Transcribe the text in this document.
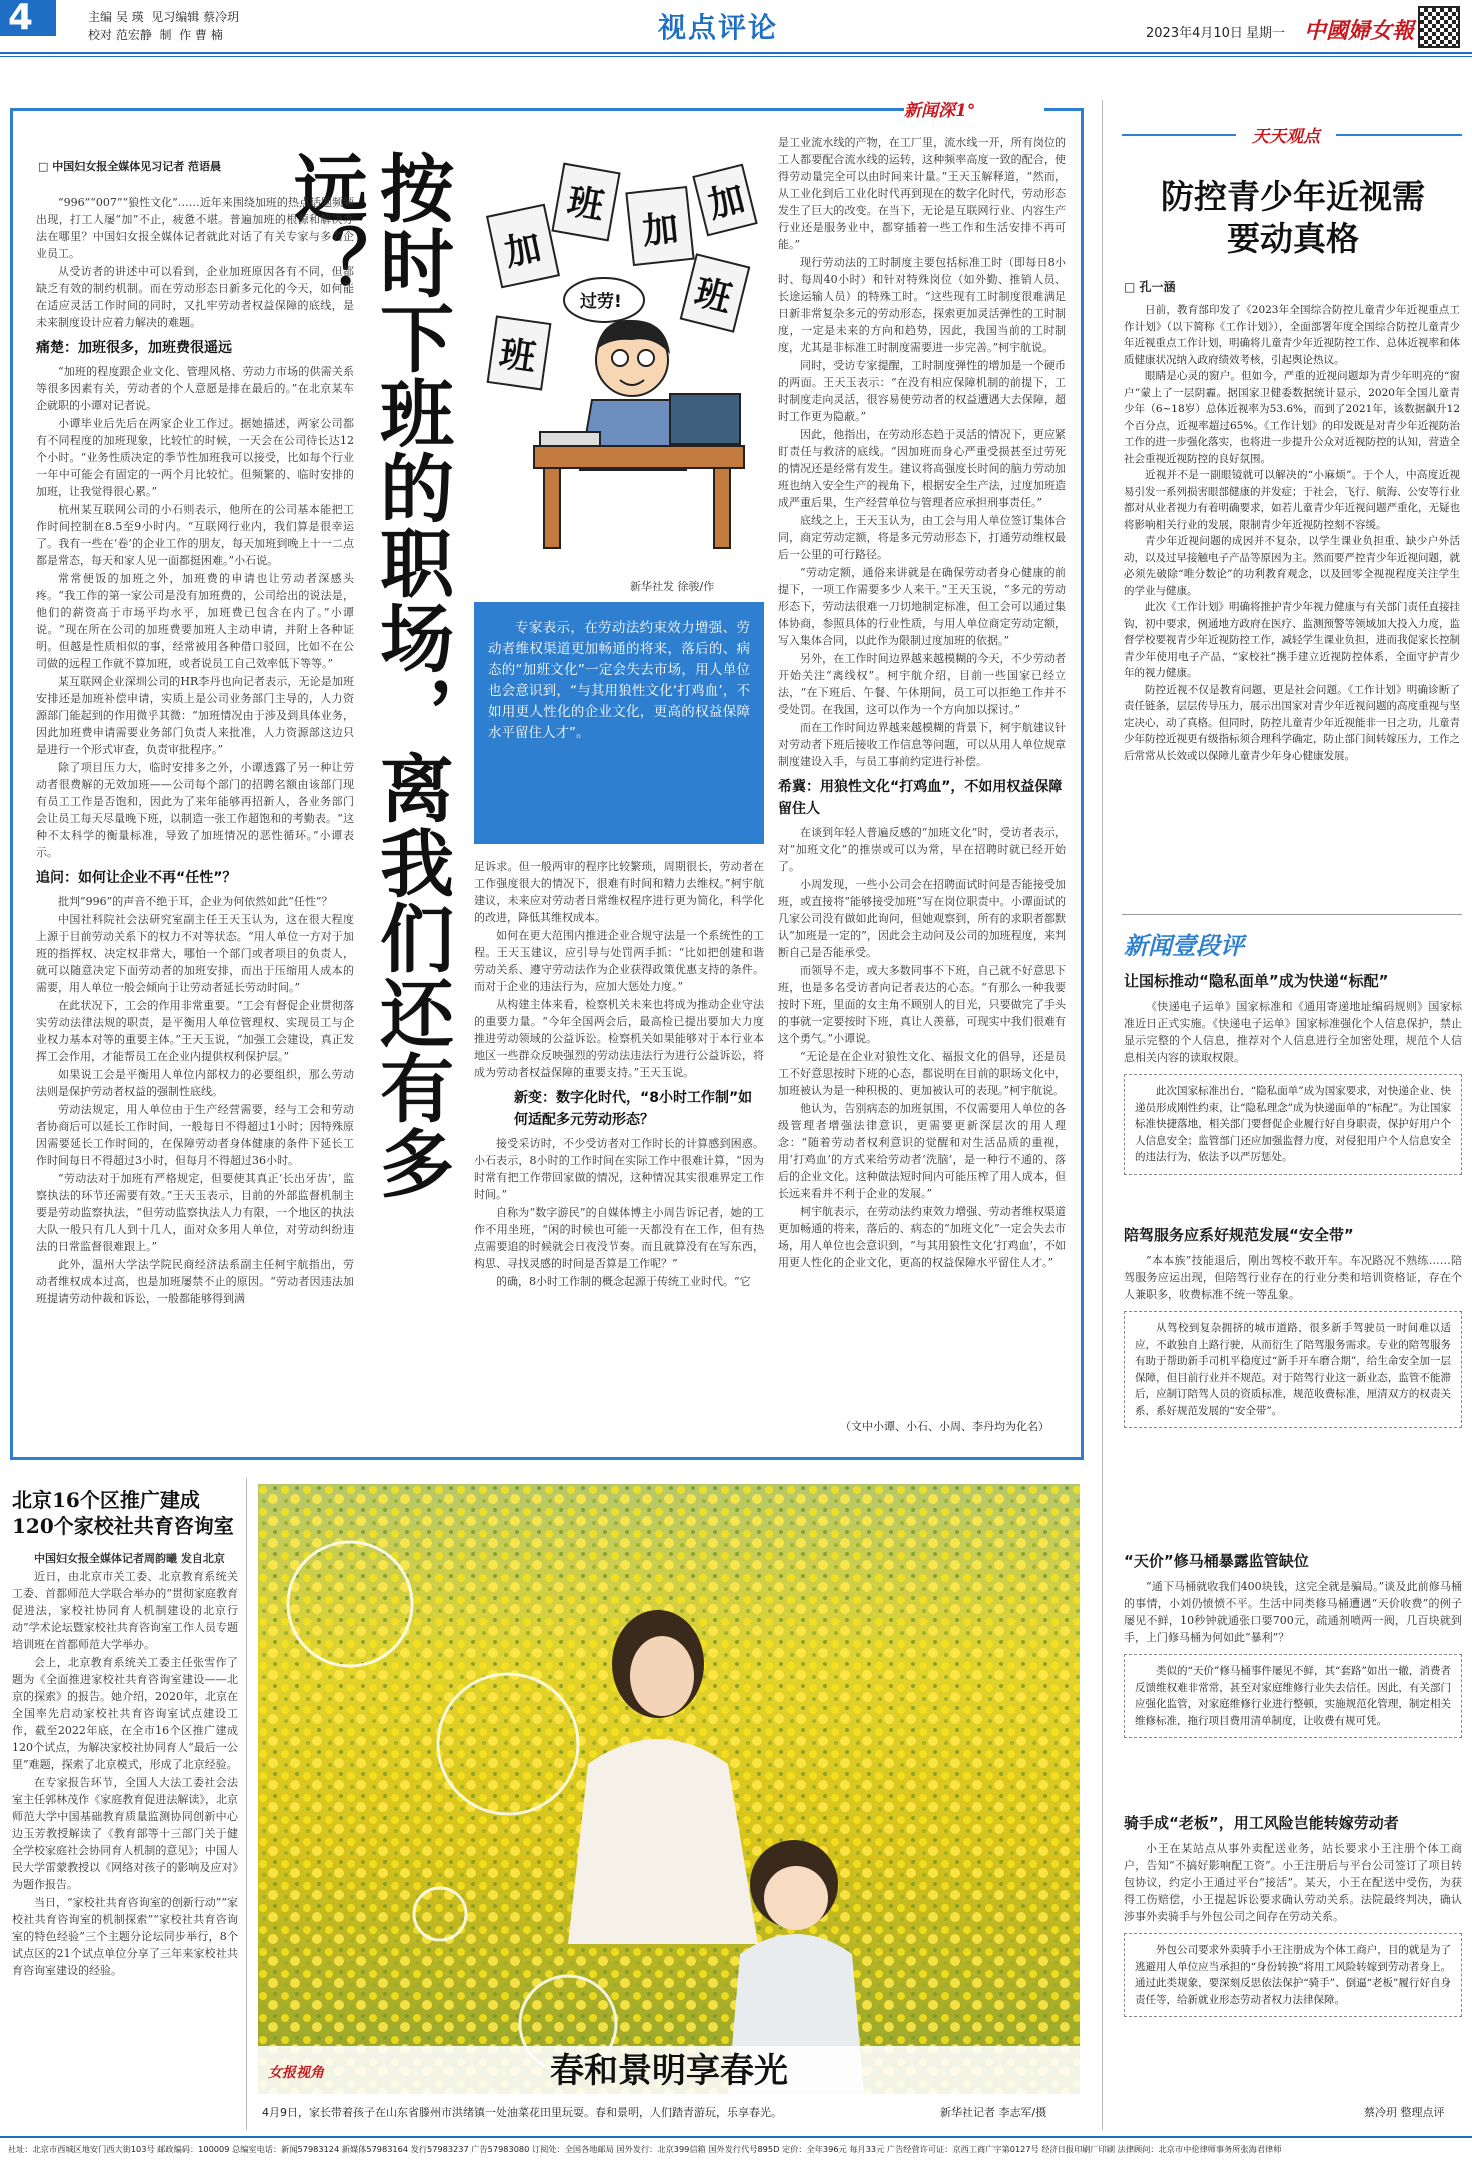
4	主编 吴 瑛  见习编辑 蔡冷玥
校对 范宏静  制  作 曹 楠	视点评论	2023年4月10日 星期一 中國婦女報
新闻深1°
□ 中国妇女报全媒体见习记者 范语晨 按时下班的职场，离我们还有多远？

“996”“007”“狼性文化”……近年来围绕加班的热点话题频频出现，打工人屡“加”不止，疲惫不堪。普遍加班的根源和解决办法在哪里？中国妇女报全媒体记者就此对话了有关专家与多名企业员工。

从受访者的讲述中可以看到，企业加班原因各有不同，但都缺乏有效的制约机制。而在劳动形态日新多元化的今天，如何能在适应灵活工作时间的同时，又扎牢劳动者权益保障的底线，是未来制度设计应着力解决的难题。

痛楚：加班很多，加班费很遥远

“加班的程度跟企业文化、管理风格、劳动力市场的供需关系等很多因素有关，劳动者的个人意愿是排在最后的。”在北京某车企就职的小谭对记者说。

小谭毕业后先后在两家企业工作过。据她描述，两家公司都有不同程度的加班现象，比较忙的时候，一天会在公司待长达12个小时。“业务性质决定的季节性加班我可以接受，比如每个行业一年中可能会有固定的一两个月比较忙。但频繁的、临时安排的加班，让我觉得很心累。”

杭州某互联网公司的小石则表示，他所在的公司基本能把工作时间控制在8.5至9小时内。“互联网行业内，我们算是很幸运了。我有一些在‘卷’的企业工作的朋友，每天加班到晚上十一二点都是常态，每天和家人见一面都挺困难。”小石说。

常常便饭的加班之外，加班费的申请也让劳动者深感头疼。“我工作的第一家公司是没有加班费的，公司给出的说法是，他们的薪资高于市场平均水平，加班费已包含在内了。”小谭说。“现在所在公司的加班费要加班人主动申请，并附上各种证明。但越是性质相似的事，经常被用各种借口驳回，比如不在公司做的远程工作就不算加班，或者说员工自己效率低下等等。”

某互联网企业深圳公司的HR李丹也向记者表示，无论是加班安排还是加班补偿申请，实质上是公司业务部门主导的，人力资源部门能起到的作用微乎其微：“加班情况由于涉及到具体业务，因此加班费申请需要业务部门负责人来批准，人力资源部这边只是进行一个形式审查，负责审批程序。”

除了项目压力大，临时安排多之外，小谭透露了另一种让劳动者很费解的无效加班——公司每个部门的招聘名额由该部门现有员工工作是否饱和，因此为了来年能够再招新人，各业务部门会让员工每天尽量晚下班，以制造一张工作超饱和的考勤表。“这种不太科学的衡量标准，导致了加班情况的恶性循环。”小谭表示。

追问：如何让企业不再“任性”？

批判“996”的声音不绝于耳，企业为何依然如此“任性”？

中国社科院社会法研究室副主任王天玉认为，这在很大程度上源于目前劳动关系下的权力不对等状态。“用人单位一方对于加班的指挥权、决定权非常大，哪怕一个部门或者项目的负责人，就可以随意决定下面劳动者的加班安排，而出于压缩用人成本的需要，用人单位一般会倾向于让劳动者延长劳动时间。”

在此状况下，工会的作用非常重要。“工会有督促企业贯彻落实劳动法律法规的职责，是平衡用人单位管理权、实现员工与企业权力基本对等的重要主体。”王天玉说，“加强工会建设，真正发挥工会作用，才能帮员工在企业内提供权利保护层。”

如果说工会是平衡用人单位内部权力的必要组织，那么劳动法则是保护劳动者权益的强制性底线。

劳动法规定，用人单位由于生产经营需要，经与工会和劳动者协商后可以延长工作时间，一般每日不得超过1小时；因特殊原因需要延长工作时间的，在保障劳动者身体健康的条件下延长工作时间每日不得超过3小时，但每月不得超过36小时。

“劳动法对于加班有严格规定，但要使其真正‘长出牙齿’，监察执法的环节还需要有效。”王天玉表示，目前的外部监督机制主要是劳动监察执法，“但劳动监察执法人力有限，一个地区的执法大队一般只有几人到十几人，面对众多用人单位，对劳动纠纷违法的日常监督很难跟上。”

此外，温州大学法学院民商经济法系副主任柯宇航指出，劳动者维权成本过高，也是加班屡禁不止的原因。“劳动者因违法加班提请劳动仲裁和诉讼，一般都能够得到满

加
班
加
班
班
加
过劳!
新华社发 徐骏/作

专家表示，在劳动法约束效力增强、劳动者维权渠道更加畅通的将来，落后的、病态的“加班文化”一定会失去市场，用人单位也会意识到，“与其用狼性文化‘打鸡血’，不如用更人性化的企业文化，更高的权益保障水平留住人才”。

足诉求。但一般两审的程序比较繁琐，周期很长，劳动者在工作强度很大的情况下，很难有时间和精力去维权。”柯宇航建议，未来应对劳动者日常维权程序进行更为简化，科学化的改进，降低其维权成本。

如何在更大范围内推进企业合规守法是一个系统性的工程。王天玉建议，应引导与处罚两手抓：“比如把创建和谐劳动关系、遵守劳动法作为企业获得政策优惠支持的条件。而对于企业的违法行为，应加大惩处力度。”

从构建主体来看，检察机关未来也将成为推动企业守法的重要力量。“今年全国两会后，最高检已提出要加大力度推进劳动领域的公益诉讼。检察机关如果能够对于本行业本地区一些群众反映强烈的劳动法违法行为进行公益诉讼，将成为劳动者权益保障的重要支持。”王天玉说。

新变：数字化时代，“8小时工作制”如何适配多元劳动形态？

接受采访时，不少受访者对工作时长的计算感到困惑。小石表示，8小时的工作时间在实际工作中很难计算，“因为时常有把工作带回家做的情况，这种情况其实很难界定工作时间。”

自称为“数字游民”的自媒体博主小周告诉记者，她的工作不用坐班，“闲的时候也可能一天都没有在工作，但有热点需要追的时候就会日夜没节奏。而且就算没有在写东西，构思、寻找灵感的时间是否算是工作呢？”

的确，8小时工作制的概念起源于传统工业时代。“它

是工业流水线的产物，在工厂里，流水线一开，所有岗位的工人都要配合流水线的运转，这种频率高度一致的配合，使得劳动量完全可以由时间来计量。”王天玉解释道，“然而，从工业化到后工业化时代再到现在的数字化时代，劳动形态发生了巨大的改变。在当下，无论是互联网行业、内容生产行业还是服务业中，都穿插着一些工作和生活安排不再可能。”

现行劳动法的工时制度主要包括标准工时（即每日8小时、每周40小时）和针对特殊岗位（如外勤、推销人员、长途运输人员）的特殊工时。“这些现有工时制度很难满足日新非常复杂多元的劳动形态，探索更加灵活弹性的工时制度，一定是未来的方向和趋势，因此，我国当前的工时制度，尤其是非标准工时制度需要进一步完善。”柯宇航说。

同时，受访专家提醒，工时制度弹性的增加是一个硬币的两面。王天玉表示：“在没有相应保障机制的前提下，工时制度走向灵活，很容易使劳动者的权益遭遇大去保障，超时工作更为隐蔽。”

因此，他指出，在劳动形态趋于灵活的情况下，更应紧盯责任与救济的底线。“因加班而身心严重受损甚至过劳死的情况还是经常有发生。建议将高强度长时间的脑力劳动加班也纳入安全生产的视角下，根据安全生产法，过度加班造成严重后果，生产经营单位与管理者应承担刑事责任。”

底线之上，王天玉认为，由工会与用人单位签订集体合同，商定劳动定额，将是多元劳动形态下，打通劳动维权最后一公里的可行路径。

“劳动定额，通俗来讲就是在确保劳动者身心健康的前提下，一项工作需要多少人来干。”王天玉说，“多元的劳动形态下，劳动法很难一刀切地制定标准，但工会可以通过集体协商，参照具体的行业性质，与用人单位商定劳动定额，写入集体合同，以此作为限制过度加班的依据。”

另外，在工作时间边界越来越模糊的今天，不少劳动者开始关注“离线权”。柯宇航介绍，目前一些国家已经立法，“在下班后、午餐、午休期间，员工可以拒绝工作并不受处罚。在我国，这可以作为一个方向加以探讨。”

而在工作时间边界越来越模糊的背景下，柯宇航建议针对劳动者下班后接收工作信息等问题，可以从用人单位规章制度建设入手，与员工事前约定进行补偿。

希冀：用狼性文化“打鸡血”，不如用权益保障留住人

在谈到年轻人普遍反感的“加班文化”时，受访者表示，对“加班文化”的推崇或可以为常，早在招聘时就已经开始了。

小周发现，一些小公司会在招聘面试时问是否能接受加班，或直接将“能够接受加班”写在岗位职责中。小谭面试的几家公司没有做如此询问，但她观察到，所有的求职者都默认“加班是一定的”，因此会主动问及公司的加班程度，来判断自己是否能承受。

而领导不走，或大多数同事不下班，自己就不好意思下班，也是多名受访者向记者表达的心态。“有那么一种我要按时下班，里面的女主角不顾别人的目光，只要做完了手头的事就一定要按时下班，真让人羡慕，可现实中我们很难有这个勇气。”小谭说。

“无论是在企业对狼性文化、福报文化的倡导，还是员工不好意思按时下班的心态，都说明在目前的职场文化中，加班被认为是一种积极的、更加被认可的表现。”柯宇航说。

他认为，告别病态的加班氛围，不仅需要用人单位的各级管理者增强法律意识，更需要更新深层次的用人理念：“随着劳动者权利意识的觉醒和对生活品质的重视，用‘打鸡血’的方式来给劳动者‘洗脑’，是一种行不通的、落后的企业文化。这种做法短时间内可能压榨了用人成本，但长远来看并不利于企业的发展。”

柯宇航表示，在劳动法约束效力增强、劳动者维权渠道更加畅通的将来，落后的、病态的“加班文化”一定会失去市场，用人单位也会意识到，“与其用狼性文化‘打鸡血’，不如用更人性化的企业文化，更高的权益保障水平留住人才。”

（文中小谭、小石、小周、李丹均为化名）
天天观点
防控青少年近视需要动真格
□ 孔一涵

日前，教育部印发了《2023年全国综合防控儿童青少年近视重点工作计划》（以下简称《工作计划》），全面部署年度全国综合防控儿童青少年近视重点工作计划，明确将儿童青少年近视防控工作、总体近视率和体质健康状况纳入政府绩效考核，引起舆论热议。

眼睛是心灵的窗户。但如今，严重的近视问题却为青少年明亮的“窗户”蒙上了一层阴霾。据国家卫健委数据统计显示，2020年全国儿童青少年（6~18岁）总体近视率为53.6%，而到了2021年，该数据飙升12个百分点，近视率超过65%。《工作计划》的印发既是对青少年近视防治工作的进一步强化落实，也将进一步提升公众对近视防控的认知，营造全社会重视近视防控的良好氛围。

近视并不是一副眼镜就可以解决的“小麻烦”。于个人，中高度近视易引发一系列损害眼部健康的并发症；于社会，飞行、航海、公安等行业都对从业者视力有着明确要求，如若儿童青少年近视问题严重化，无疑也将影响相关行业的发展，限制青少年近视防控刻不容缓。

青少年近视问题的成因并不复杂，以学生课业负担重、缺少户外活动，以及过早接触电子产品等原因为主。然而要严控青少年近视问题，就必须先破除“唯分数论”的功利教育观念，以及回零全视视程度关注学生的学业与健康。

此次《工作计划》明确将推护青少年视力健康与有关部门责任直接挂钩，初中要求，例通地方政府在医疗、监测预警等领域加大投入力度，监督学校要视青少年近视防控工作，减轻学生课业负担，进而我促家长控制青少年使用电子产品，“家校社”携手建立近视防控体系，全面守护青少年的视力健康。

防控近视不仅是教育问题，更是社会问题。《工作计划》明确诊断了责任链条，层层传导压力，展示出国家对青少年近视问题的高度重视与坚定决心，动了真格。但同时，防控儿童青少年近视能非一日之功，儿童青少年防控近视更有级指标须合理科学确定，防止部门间转嫁压力，工作之后常常从长效或以保障儿童青少年身心健康发展。

新闻壹段评
让国标推动“隐私面单”成为快递“标配”

《快递电子运单》国家标准和《通用寄递地址编码规则》国家标准近日正式实施。《快递电子运单》国家标准强化个人信息保护，禁止显示完整的个人信息，推荐对个人信息进行全加密处理，规范个人信息相关内容的读取权限。

此次国家标准出台，“隐私面单”成为国家要求，对快递企业、快递员形成刚性约束，让“隐私理念”成为快递面单的“标配”。为让国家标准快捷落地，相关部门要督促企业履行好自身职责，保护好用户个人信息安全；监管部门还应加强监督力度，对侵犯用户个人信息安全的违法行为，依法予以严厉惩处。

陪驾服务应系好规范发展“安全带”

“本本族”技能退后，刚出驾校不敢开车。车况路况不熟练……陪驾服务应运出现，但陪驾行业存在的行业分类和培训资格证，存在个人兼职多，收费标准不统一等乱象。

从驾校到复杂拥挤的城市道路，很多新手驾驶员一时间难以适应，不敢独自上路行驶，从而衍生了陪驾服务需求。专业的陪驾服务有助于帮助新手司机平稳度过“新手开车磨合期”，给生命安全加一层保障，但目前行业并不规范。对于陪驾行业这一新业态，监管不能滞后，应制订陪驾人员的资质标准，规范收费标准，厘清双方的权责关系，系好规范发展的“安全带”。

“天价”修马桶暴露监管缺位

“通下马桶就收我们400块钱，这完全就是骗局。”谈及此前修马桶的事情，小刘仍愤愤不平。生活中同类修马桶遭遇“天价收费”的例子屡见不鲜，10秒钟就通张口要700元，疏通剂喷两一阀，几百块就到手，上门修马桶为何如此“暴利”？

类似的“天价”修马桶事件屡见不鲜，其“套路”如出一辙，消费者反馈维权难非常常，甚至对家庭维修行业失去信任。因此，有关部门应强化监管，对家庭维修行业进行整顿，实施规范化管理，制定相关维修标准，拖行项目费用清单制度，让收费有规可凭。

骑手成“老板”，用工风险岂能转嫁劳动者

小王在某站点从事外卖配送业务，站长要求小王注册个体工商户，告知“不搞好影响配工资”。小王注册后与平台公司签订了项目转包协议，约定小王通过平台“接活”。某天，小王在配送中受伤，为获得工伤赔偿，小王提起诉讼要求确认劳动关系。法院最终判决，确认涉事外卖骑手与外包公司之间存在劳动关系。

外包公司要求外卖骑手小王注册成为个体工商户，目的就是为了逃避用人单位应当承担的“身份转换”将用工风险转嫁到劳动者身上。通过此类规象，要深刻反思依法保护“骑手”、倒逼“老板”履行好自身责任等，给新就业形态劳动者权力法律保障。

蔡冷玥 整理点评
北京16个区推广建成
120个家校社共育咨询室

中国妇女报全媒体记者周韵曦 发自北京

近日，由北京市关工委、北京教育系统关工委、首都师范大学联合举办的“贯彻家庭教育促进法，家校社协同育人机制建设的北京行动”学术论坛暨家校社共育咨询室工作人员专题培训班在首都师范大学举办。

会上，北京教育系统关工委主任张雪作了题为《全面推进家校社共育咨询室建设——北京的探索》的报告。她介绍，2020年，北京在全国率先启动家校社共育咨询室试点建设工作，截至2022年底，在全市16个区推广建成120个试点，为解决家校社协同育人“最后一公里”难题，探索了北京模式，形成了北京经验。

在专家报告环节，全国人大法工委社会法室主任郭林茂作《家庭教育促进法解读》，北京师范大学中国基础教育质量监测协同创新中心边玉芳教授解读了《教育部等十三部门关于健全学校家庭社会协同育人机制的意见》；中国人民大学雷蒙教授以《网络对孩子的影响及应对》为题作报告。

当日，“家校社共育咨询室的创新行动”“家校社共育咨询室的机制探索”“家校社共育咨询室的特色经验”三个主题分论坛同步举行，8个试点区的21个试点单位分享了三年来家校社共育咨询室建设的经验。

春和景明享春光
女报视角
4月9日，家长带着孩子在山东省滕州市洪绪镇一处油菜花田里玩耍。春和景明，人们踏青游玩，乐享春光。	新华社记者 李志军/摄
社址：北京市西城区地安门西大街103号 邮政编码：100009 总编室电话：新闻57983124 新媒体57983164 发行57983237 广告57983080 订阅处：全国各地邮局 国外发行：北京399信箱 国外发行代号895D 定价：全年396元 每月33元 广告经营许可证：京西工商广字第0127号 经济日报印刷厂印刷 法律顾问：北京市中伦律师事务所张海君律师
